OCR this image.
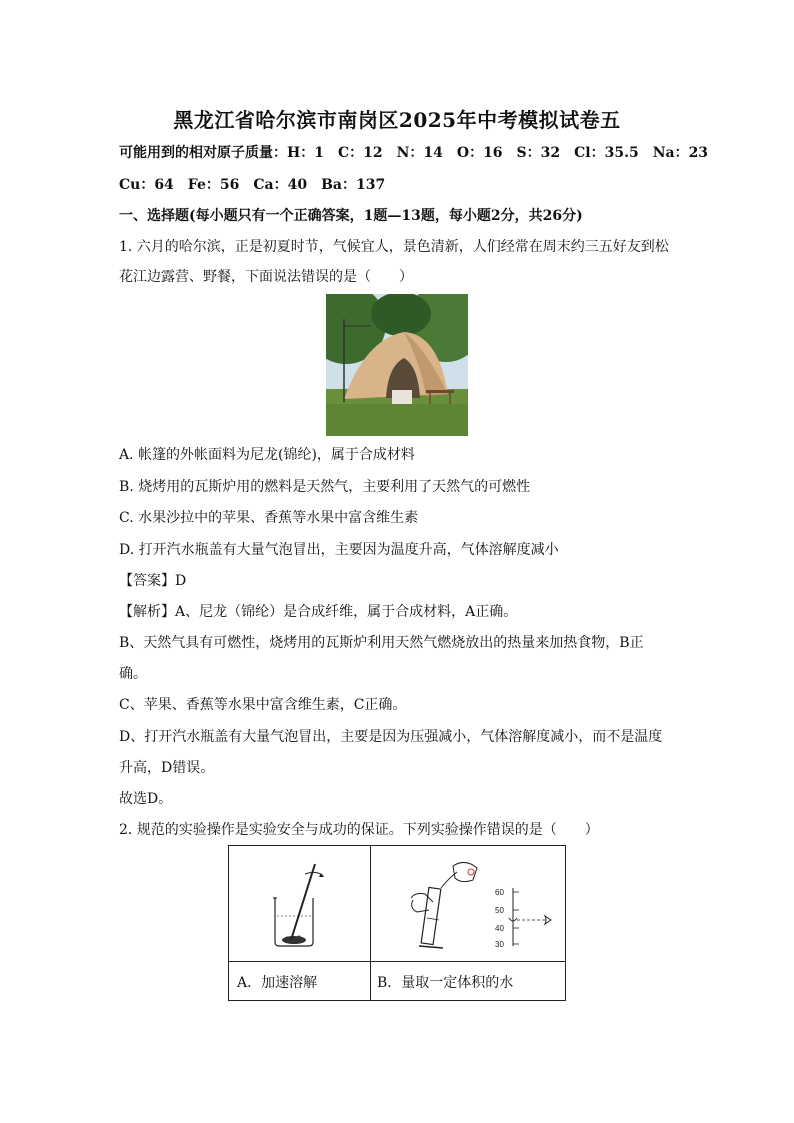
黑龙江省哈尔滨市南岗区2025年中考模拟试卷五
可能用到的相对原子质量：H：1　C：12　N：14　O：16　S：32　Cl：35.5　Na：23
Cu：64　Fe：56　Ca：40　Ba：137
一、选择题(每小题只有一个正确答案，1题—13题，每小题2分，共26分)
1. 六月的哈尔滨，正是初夏时节，气候宜人，景色清新，人们经常在周末约三五好友到松
花江边露营、野餐，下面说法错误的是（　　）
A. 帐篷的外帐面料为尼龙(锦纶)，属于合成材料
B. 烧烤用的瓦斯炉用的燃料是天然气，主要利用了天然气的可燃性
C. 水果沙拉中的苹果、香蕉等水果中富含维生素
D. 打开汽水瓶盖有大量气泡冒出，主要因为温度升高，气体溶解度减小
【答案】D
【解析】A、尼龙（锦纶）是合成纤维，属于合成材料，A正确。
B、天然气具有可燃性，烧烤用的瓦斯炉利用天然气燃烧放出的热量来加热食物，B正
确。
C、苹果、香蕉等水果中富含维生素，C正确。
D、打开汽水瓶盖有大量气泡冒出，主要是因为压强减小，气体溶解度减小，而不是温度
升高，D错误。
故选D。
2. 规范的实验操作是实验安全与成功的保证。下列实验操作错误的是（　　）
60
50
40
30
A．加速溶解	B．量取一定体积的水
